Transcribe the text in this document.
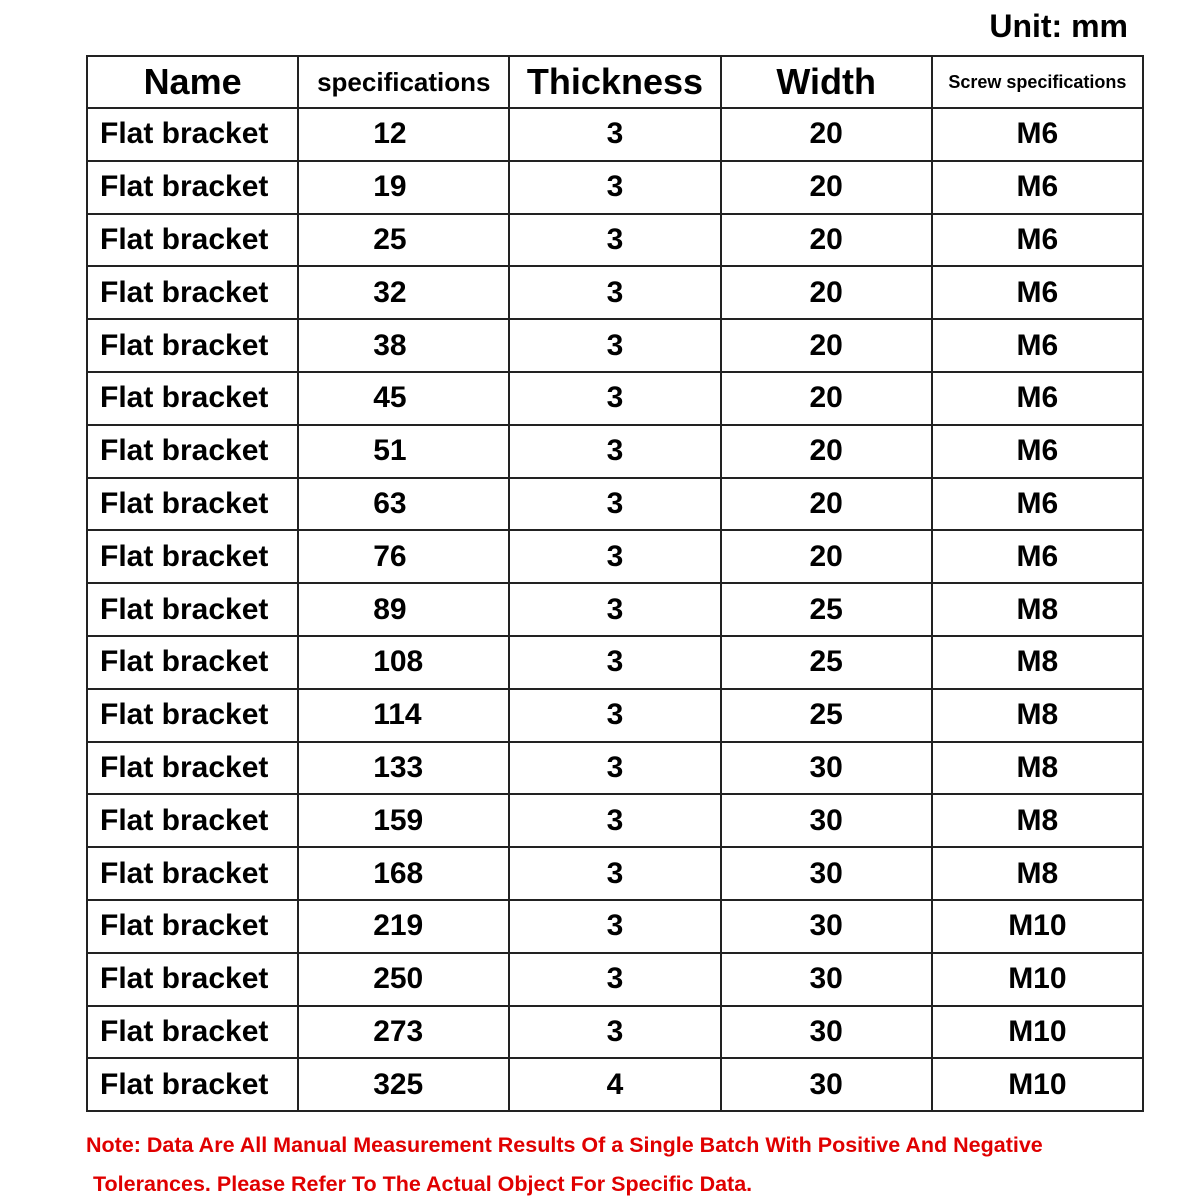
Unit: mm
Name	specifications	Thickness	Width	Screw specifications
Flat bracket	12	3	20	M6
Flat bracket	19	3	20	M6
Flat bracket	25	3	20	M6
Flat bracket	32	3	20	M6
Flat bracket	38	3	20	M6
Flat bracket	45	3	20	M6
Flat bracket	51	3	20	M6
Flat bracket	63	3	20	M6
Flat bracket	76	3	20	M6
Flat bracket	89	3	25	M8
Flat bracket	108	3	25	M8
Flat bracket	114	3	25	M8
Flat bracket	133	3	30	M8
Flat bracket	159	3	30	M8
Flat bracket	168	3	30	M8
Flat bracket	219	3	30	M10
Flat bracket	250	3	30	M10
Flat bracket	273	3	30	M10
Flat bracket	325	4	30	M10
Note: Data Are All Manual Measurement Results Of a Single Batch With Positive And Negative
Tolerances. Please Refer To The Actual Object For Specific Data.
